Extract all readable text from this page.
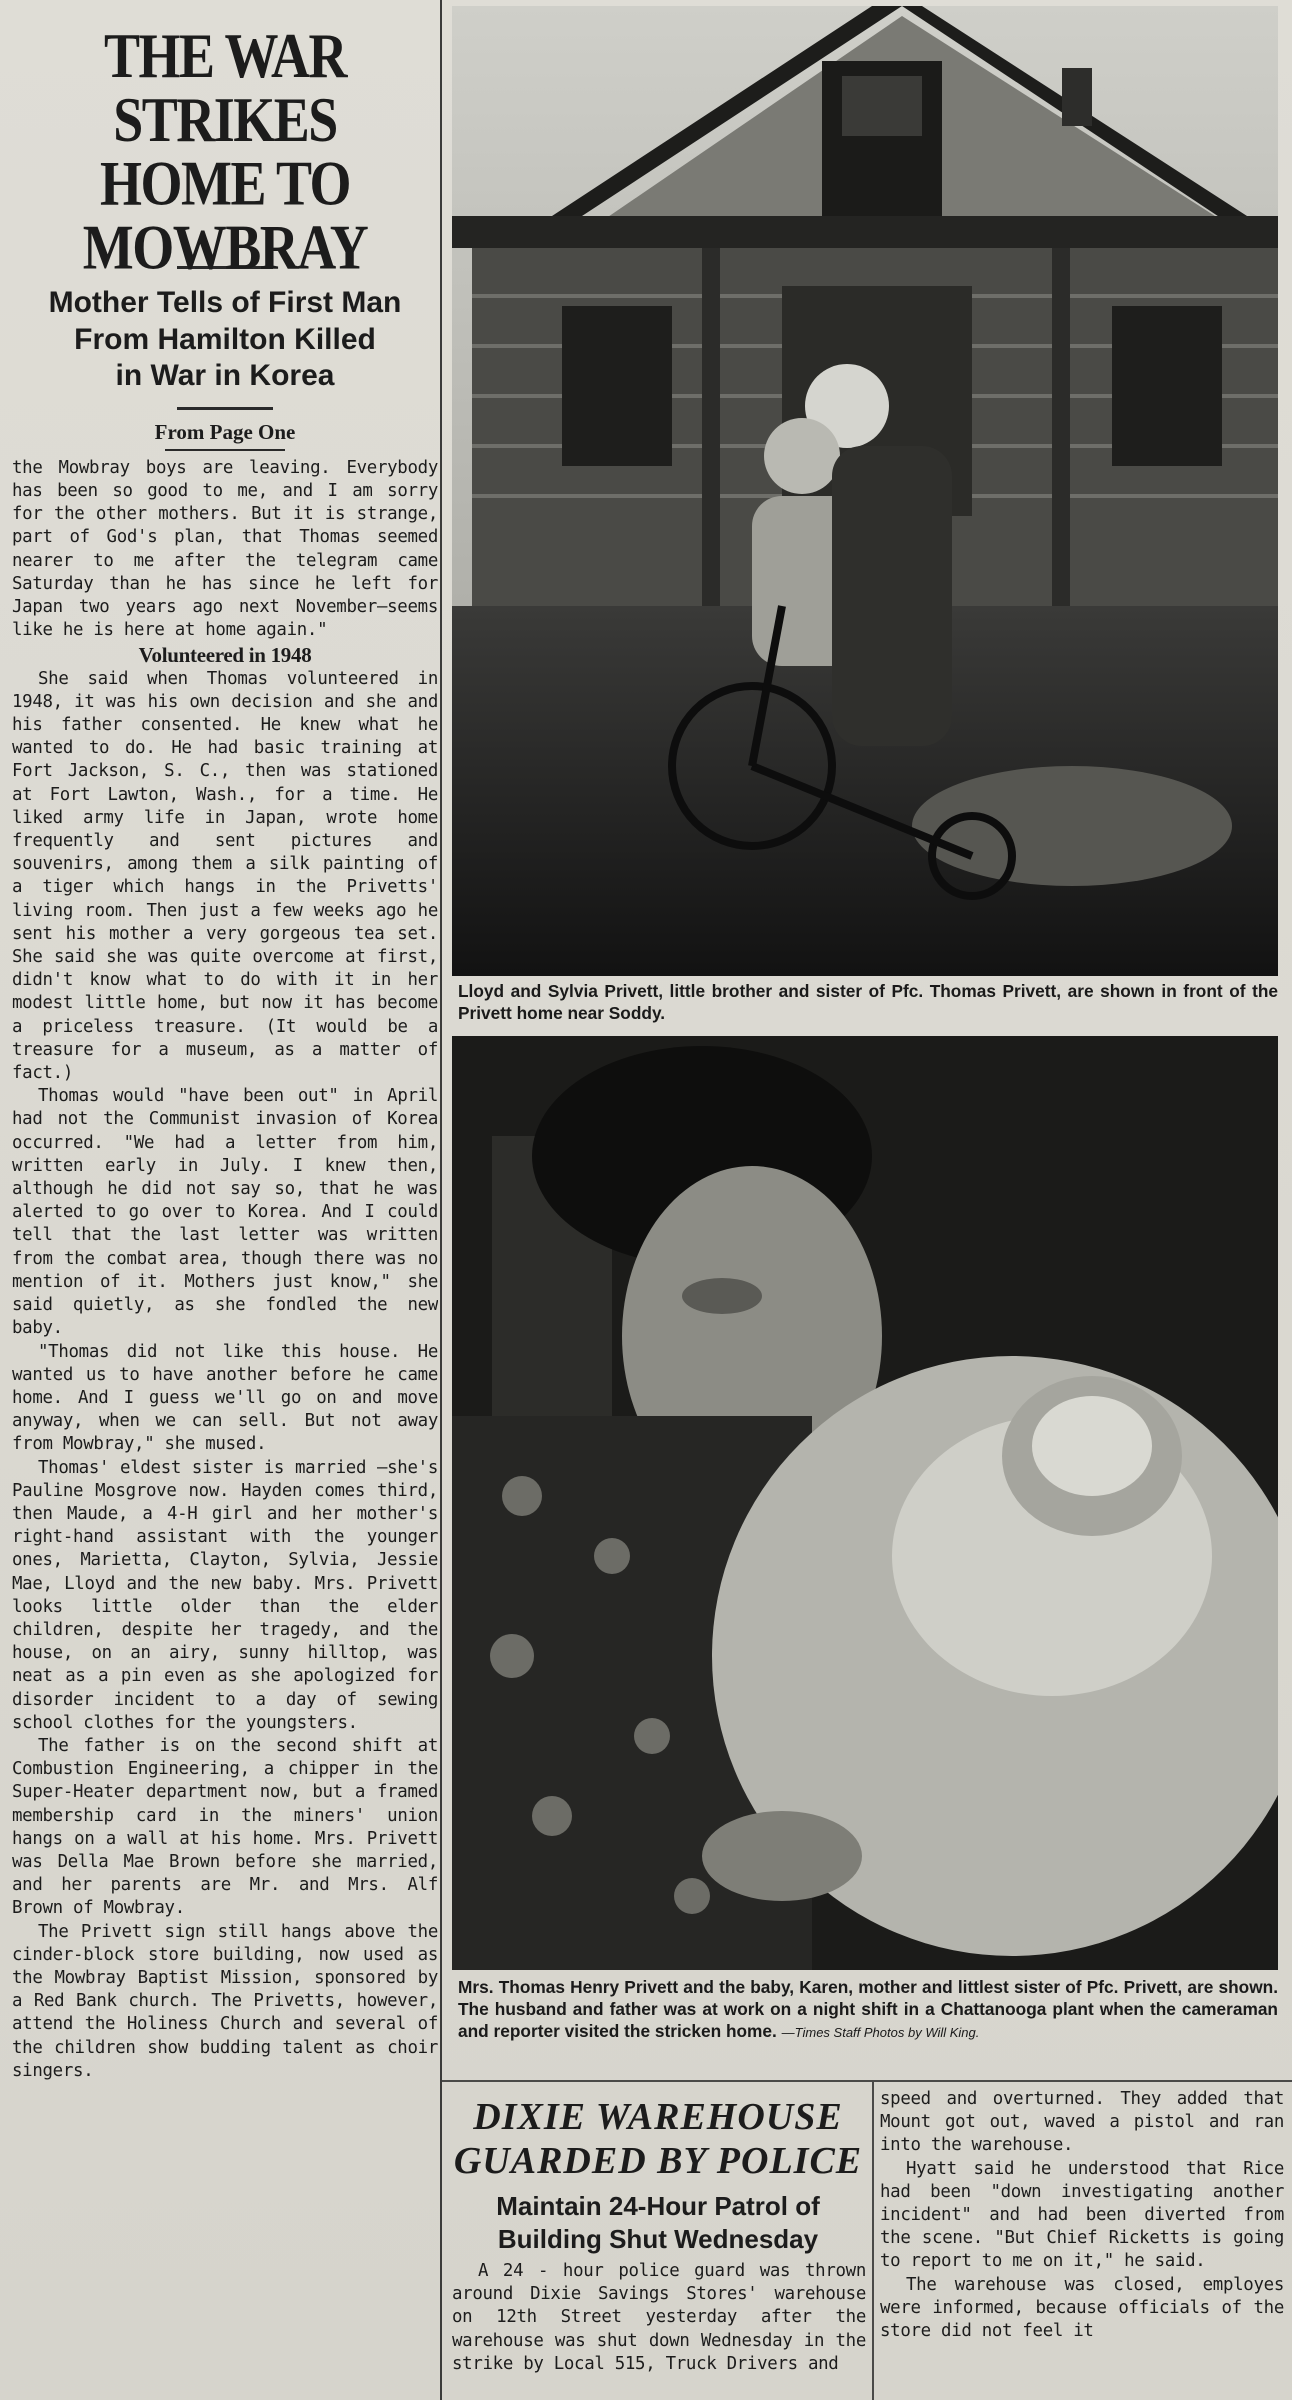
THE WAR STRIKES
HOME TO MOWBRAY
Mother Tells of First Man
From Hamilton Killed
in War in Korea
From Page One

the Mowbray boys are leaving. Everybody has been so good to me, and I am sorry for the other mothers. But it is strange, part of God's plan, that Thomas seemed nearer to me after the telegram came Saturday than he has since he left for Japan two years ago next November—seems like he is here at home again."

Volunteered in 1948

She said when Thomas volunteered in 1948, it was his own decision and she and his father consented. He knew what he wanted to do. He had basic training at Fort Jackson, S. C., then was stationed at Fort Lawton, Wash., for a time. He liked army life in Japan, wrote home frequently and sent pictures and souvenirs, among them a silk painting of a tiger which hangs in the Privetts' living room. Then just a few weeks ago he sent his mother a very gorgeous tea set. She said she was quite overcome at first, didn't know what to do with it in her modest little home, but now it has become a priceless treasure. (It would be a treasure for a museum, as a matter of fact.)

Thomas would "have been out" in April had not the Communist invasion of Korea occurred. "We had a letter from him, written early in July. I knew then, although he did not say so, that he was alerted to go over to Korea. And I could tell that the last letter was written from the combat area, though there was no mention of it. Mothers just know," she said quietly, as she fondled the new baby.

"Thomas did not like this house. He wanted us to have another before he came home. And I guess we'll go on and move anyway, when we can sell. But not away from Mowbray," she mused.

Thomas' eldest sister is married —she's Pauline Mosgrove now. Hayden comes third, then Maude, a 4-H girl and her mother's right-hand assistant with the younger ones, Marietta, Clayton, Sylvia, Jessie Mae, Lloyd and the new baby. Mrs. Privett looks little older than the elder children, despite her tragedy, and the house, on an airy, sunny hilltop, was neat as a pin even as she apologized for disorder incident to a day of sewing school clothes for the youngsters.

The father is on the second shift at Combustion Engineering, a chipper in the Super-Heater department now, but a framed membership card in the miners' union hangs on a wall at his home. Mrs. Privett was Della Mae Brown before she married, and her parents are Mr. and Mrs. Alf Brown of Mowbray.

The Privett sign still hangs above the cinder-block store building, now used as the Mowbray Baptist Mission, sponsored by a Red Bank church. The Privetts, however, attend the Holiness Church and several of the children show budding talent as choir singers.

Lloyd and Sylvia Privett, little brother and sister of Pfc. Thomas Privett, are shown in front of the Privett home near Soddy.
Mrs. Thomas Henry Privett and the baby, Karen, mother and littlest sister of Pfc. Privett, are shown. The husband and father was at work on a night shift in a Chattanooga plant when the cameraman and reporter visited the stricken home. —Times Staff Photos by Will King.
DIXIE WAREHOUSE
GUARDED BY POLICE
Maintain 24-Hour Patrol of
Building Shut Wednesday

A 24 - hour police guard was thrown around Dixie Savings Stores' warehouse on 12th Street yesterday after the warehouse was shut down Wednesday in the strike by Local 515, Truck Drivers and

speed and overturned. They added that Mount got out, waved a pistol and ran into the warehouse.

Hyatt said he understood that Rice had been "down investigating another incident" and had been diverted from the scene. "But Chief Ricketts is going to report to me on it," he said.

The warehouse was closed, employes were informed, because officials of the store did not feel it
